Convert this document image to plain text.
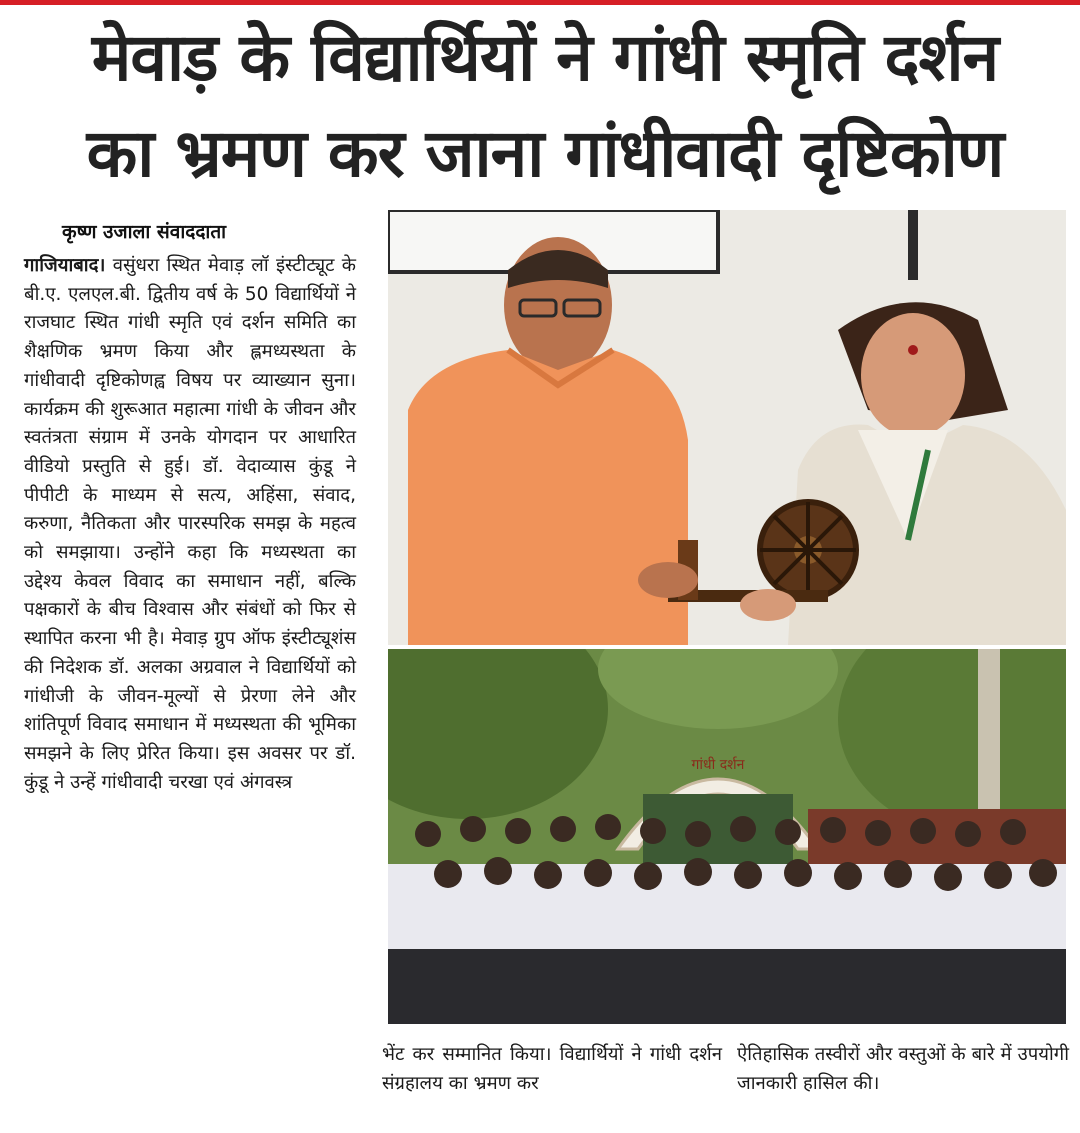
मेवाड़ के विद्यार्थियों ने गांधी स्मृति दर्शन
का भ्रमण कर जाना गांधीवादी दृष्टिकोण
कृष्ण उजाला संवाददाता
गाजियाबाद। वसुंधरा स्थित मेवाड़ लॉ इंस्टीट्यूट के बी.ए. एलएल.बी. द्वितीय वर्ष के 50 विद्यार्थियों ने राजघाट स्थित गांधी स्मृति एवं दर्शन समिति का शैक्षणिक भ्रमण किया और ह्लमध्यस्थता के गांधीवादी दृष्टिकोणह्व विषय पर व्याख्यान सुना। कार्यक्रम की शुरूआत महात्मा गांधी के जीवन और स्वतंत्रता संग्राम में उनके योगदान पर आधारित वीडियो प्रस्तुति से हुई। डॉ. वेदाव्यास कुंडू ने पीपीटी के माध्यम से सत्य, अहिंसा, संवाद, करुणा, नैतिकता और पारस्परिक समझ के महत्व को समझाया। उन्होंने कहा कि मध्यस्थता का उद्देश्य केवल विवाद का समाधान नहीं, बल्कि पक्षकारों के बीच विश्वास और संबंधों को फिर से स्थापित करना भी है। मेवाड़ ग्रुप ऑफ इंस्टीट्यूशंस की निदेशक डॉ. अलका अग्रवाल ने विद्यार्थियों को गांधीजी के जीवन-मूल्यों से प्रेरणा लेने और शांतिपूर्ण विवाद समाधान में मध्यस्थता की भूमिका समझने के लिए प्रेरित किया। इस अवसर पर डॉ. कुंडू ने उन्हें गांधीवादी चरखा एवं अंगवस्त्र
गांधी दर्शन
भेंट कर सम्मानित किया। विद्यार्थियों ने गांधी दर्शन संग्रहालय का भ्रमण कर
ऐतिहासिक तस्वीरों और वस्तुओं के बारे में उपयोगी जानकारी हासिल की।
